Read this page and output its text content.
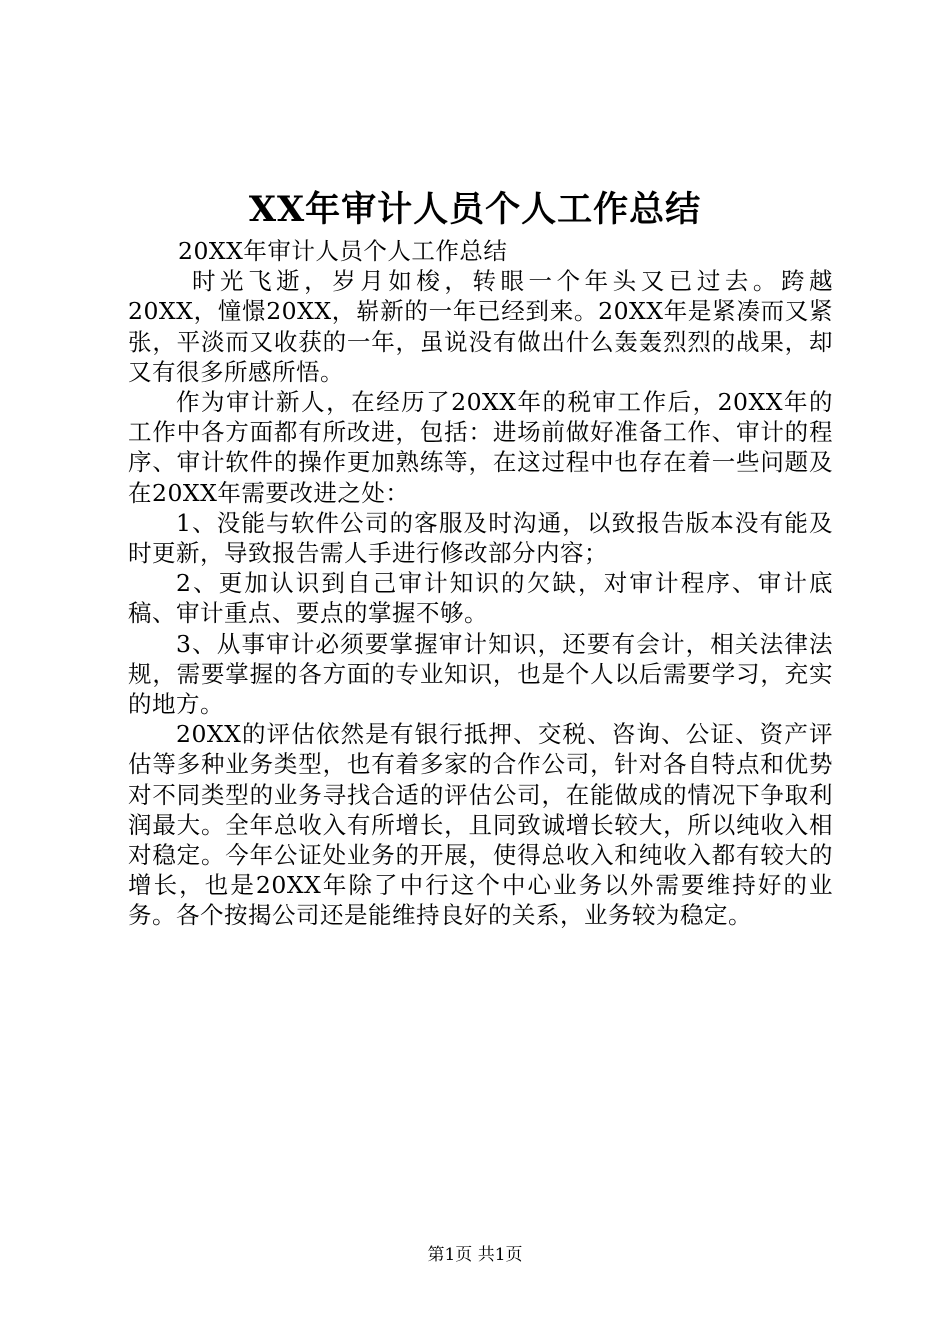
XX年审计人员个人工作总结

20XX年审计人员个人工作总结

时光飞逝，岁月如梭，转眼一个年头又已过去。跨越20XX，憧憬20XX，崭新的一年已经到来。20XX年是紧凑而又紧张，平淡而又收获的一年，虽说没有做出什么轰轰烈烈的战果，却又有很多所感所悟。

作为审计新人，在经历了20XX年的税审工作后，20XX年的工作中各方面都有所改进，包括：进场前做好准备工作、审计的程序、审计软件的操作更加熟练等，在这过程中也存在着一些问题及在20XX年需要改进之处：

1、没能与软件公司的客服及时沟通，以致报告版本没有能及时更新，导致报告需人手进行修改部分内容；

2、更加认识到自己审计知识的欠缺，对审计程序、审计底稿、审计重点、要点的掌握不够。

3、从事审计必须要掌握审计知识，还要有会计，相关法律法规，需要掌握的各方面的专业知识，也是个人以后需要学习，充实的地方。

20XX的评估依然是有银行抵押、交税、咨询、公证、资产评估等多种业务类型，也有着多家的合作公司，针对各自特点和优势对不同类型的业务寻找合适的评估公司，在能做成的情况下争取利润最大。全年总收入有所增长，且同致诚增长较大，所以纯收入相对稳定。今年公证处业务的开展，使得总收入和纯收入都有较大的增长，也是20XX年除了中行这个中心业务以外需要维持好的业务。各个按揭公司还是能维持良好的关系，业务较为稳定。

第1页 共1页
